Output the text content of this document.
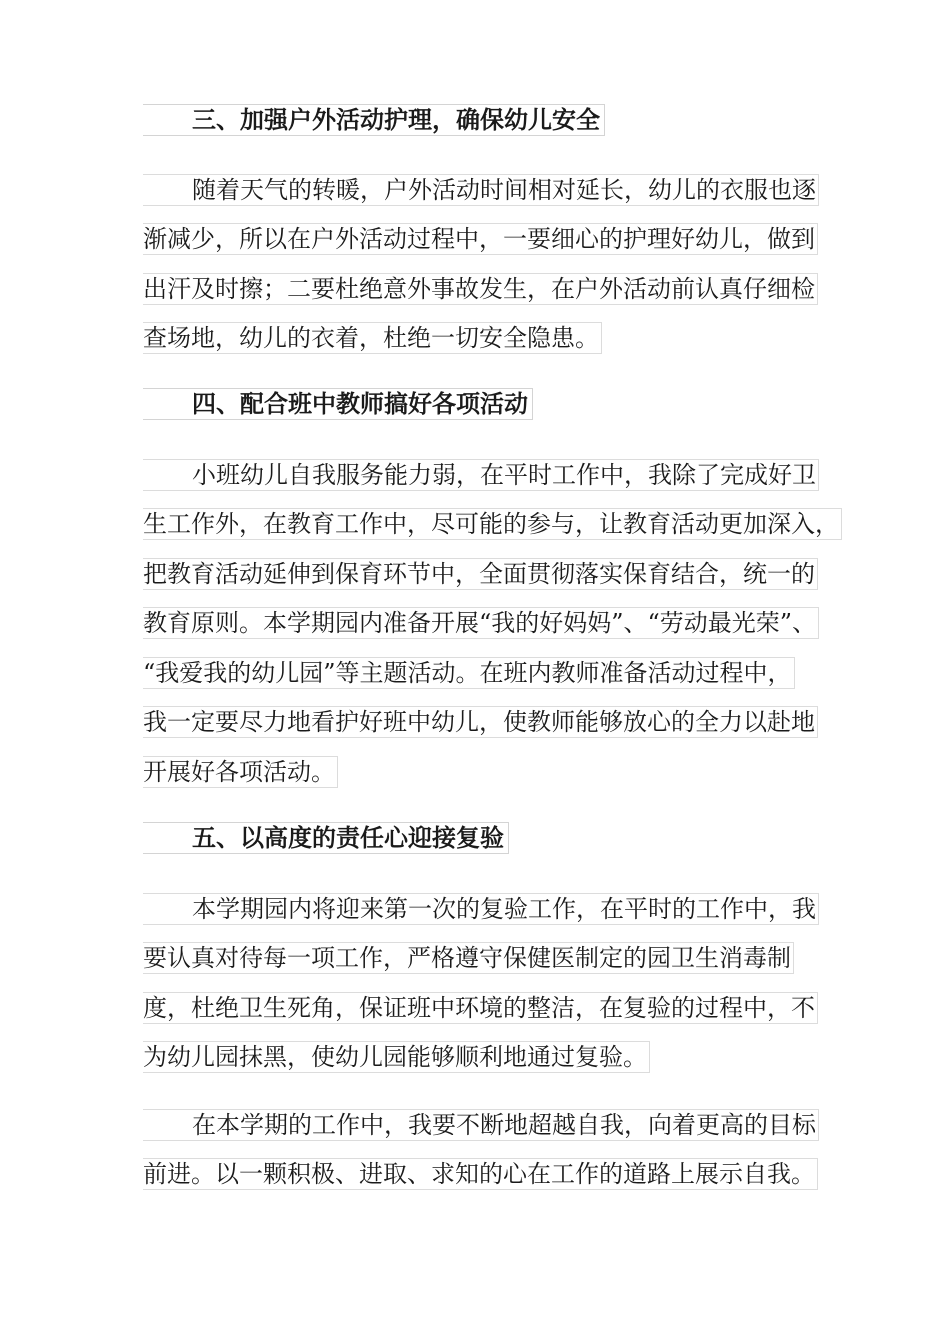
三、加强户外活动护理，确保幼儿安全
随着天气的转暖，户外活动时间相对延长，幼儿的衣服也逐
渐减少，所以在户外活动过程中，一要细心的护理好幼儿，做到
出汗及时擦；二要杜绝意外事故发生，在户外活动前认真仔细检
查场地，幼儿的衣着，杜绝一切安全隐患。
四、配合班中教师搞好各项活动
小班幼儿自我服务能力弱，在平时工作中，我除了完成好卫
生工作外，在教育工作中，尽可能的参与，让教育活动更加深入，
把教育活动延伸到保育环节中，全面贯彻落实保育结合，统一的
教育原则。本学期园内准备开展“我的好妈妈”、“劳动最光荣”、
“我爱我的幼儿园”等主题活动。在班内教师准备活动过程中，
我一定要尽力地看护好班中幼儿，使教师能够放心的全力以赴地
开展好各项活动。
五、以高度的责任心迎接复验
本学期园内将迎来第一次的复验工作，在平时的工作中，我
要认真对待每一项工作，严格遵守保健医制定的园卫生消毒制
度，杜绝卫生死角，保证班中环境的整洁，在复验的过程中，不
为幼儿园抹黑，使幼儿园能够顺利地通过复验。
在本学期的工作中，我要不断地超越自我，向着更高的目标
前进。以一颗积极、进取、求知的心在工作的道路上展示自我。
